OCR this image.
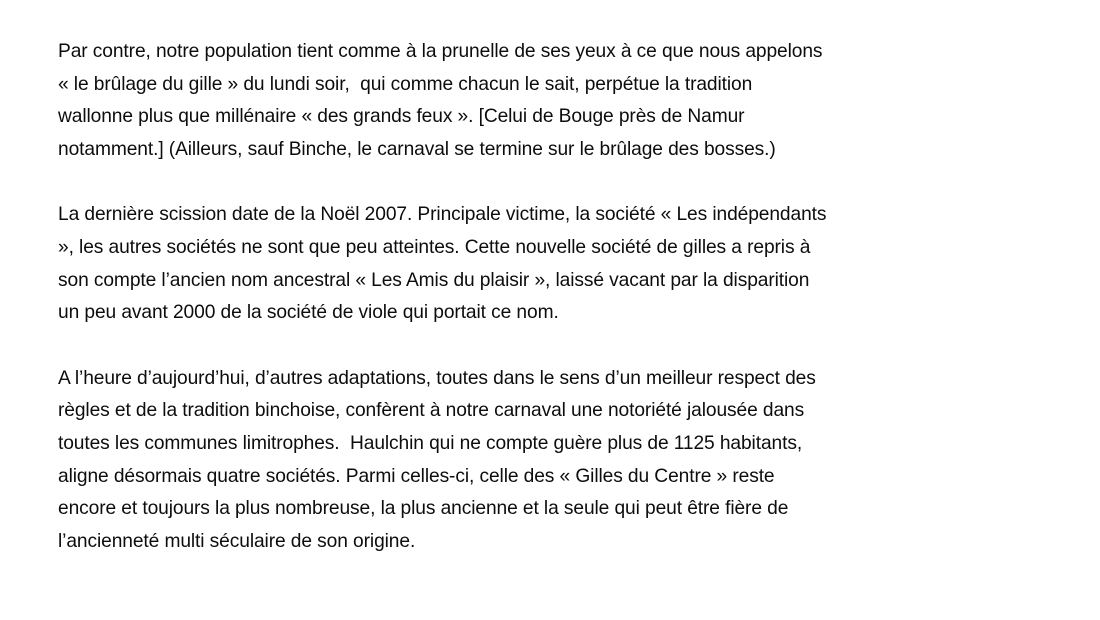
Par contre, notre population tient comme à la prunelle de ses yeux à ce que nous appelons
« le brûlage du gille » du lundi soir,  qui comme chacun le sait, perpétue la tradition
wallonne plus que millénaire « des grands feux ». [Celui de Bouge près de Namur
notamment.] (Ailleurs, sauf Binche, le carnaval se termine sur le brûlage des bosses.)
La dernière scission date de la Noël 2007. Principale victime, la société « Les indépendants
», les autres sociétés ne sont que peu atteintes. Cette nouvelle société de gilles a repris à
son compte l’ancien nom ancestral « Les Amis du plaisir », laissé vacant par la disparition
un peu avant 2000 de la société de viole qui portait ce nom.
A l’heure d’aujourd’hui, d’autres adaptations, toutes dans le sens d’un meilleur respect des
règles et de la tradition binchoise, confèrent à notre carnaval une notoriété jalousée dans
toutes les communes limitrophes.  Haulchin qui ne compte guère plus de 1125 habitants,
aligne désormais quatre sociétés. Parmi celles-ci, celle des « Gilles du Centre » reste
encore et toujours la plus nombreuse, la plus ancienne et la seule qui peut être fière de
l’ancienneté multi séculaire de son origine.
